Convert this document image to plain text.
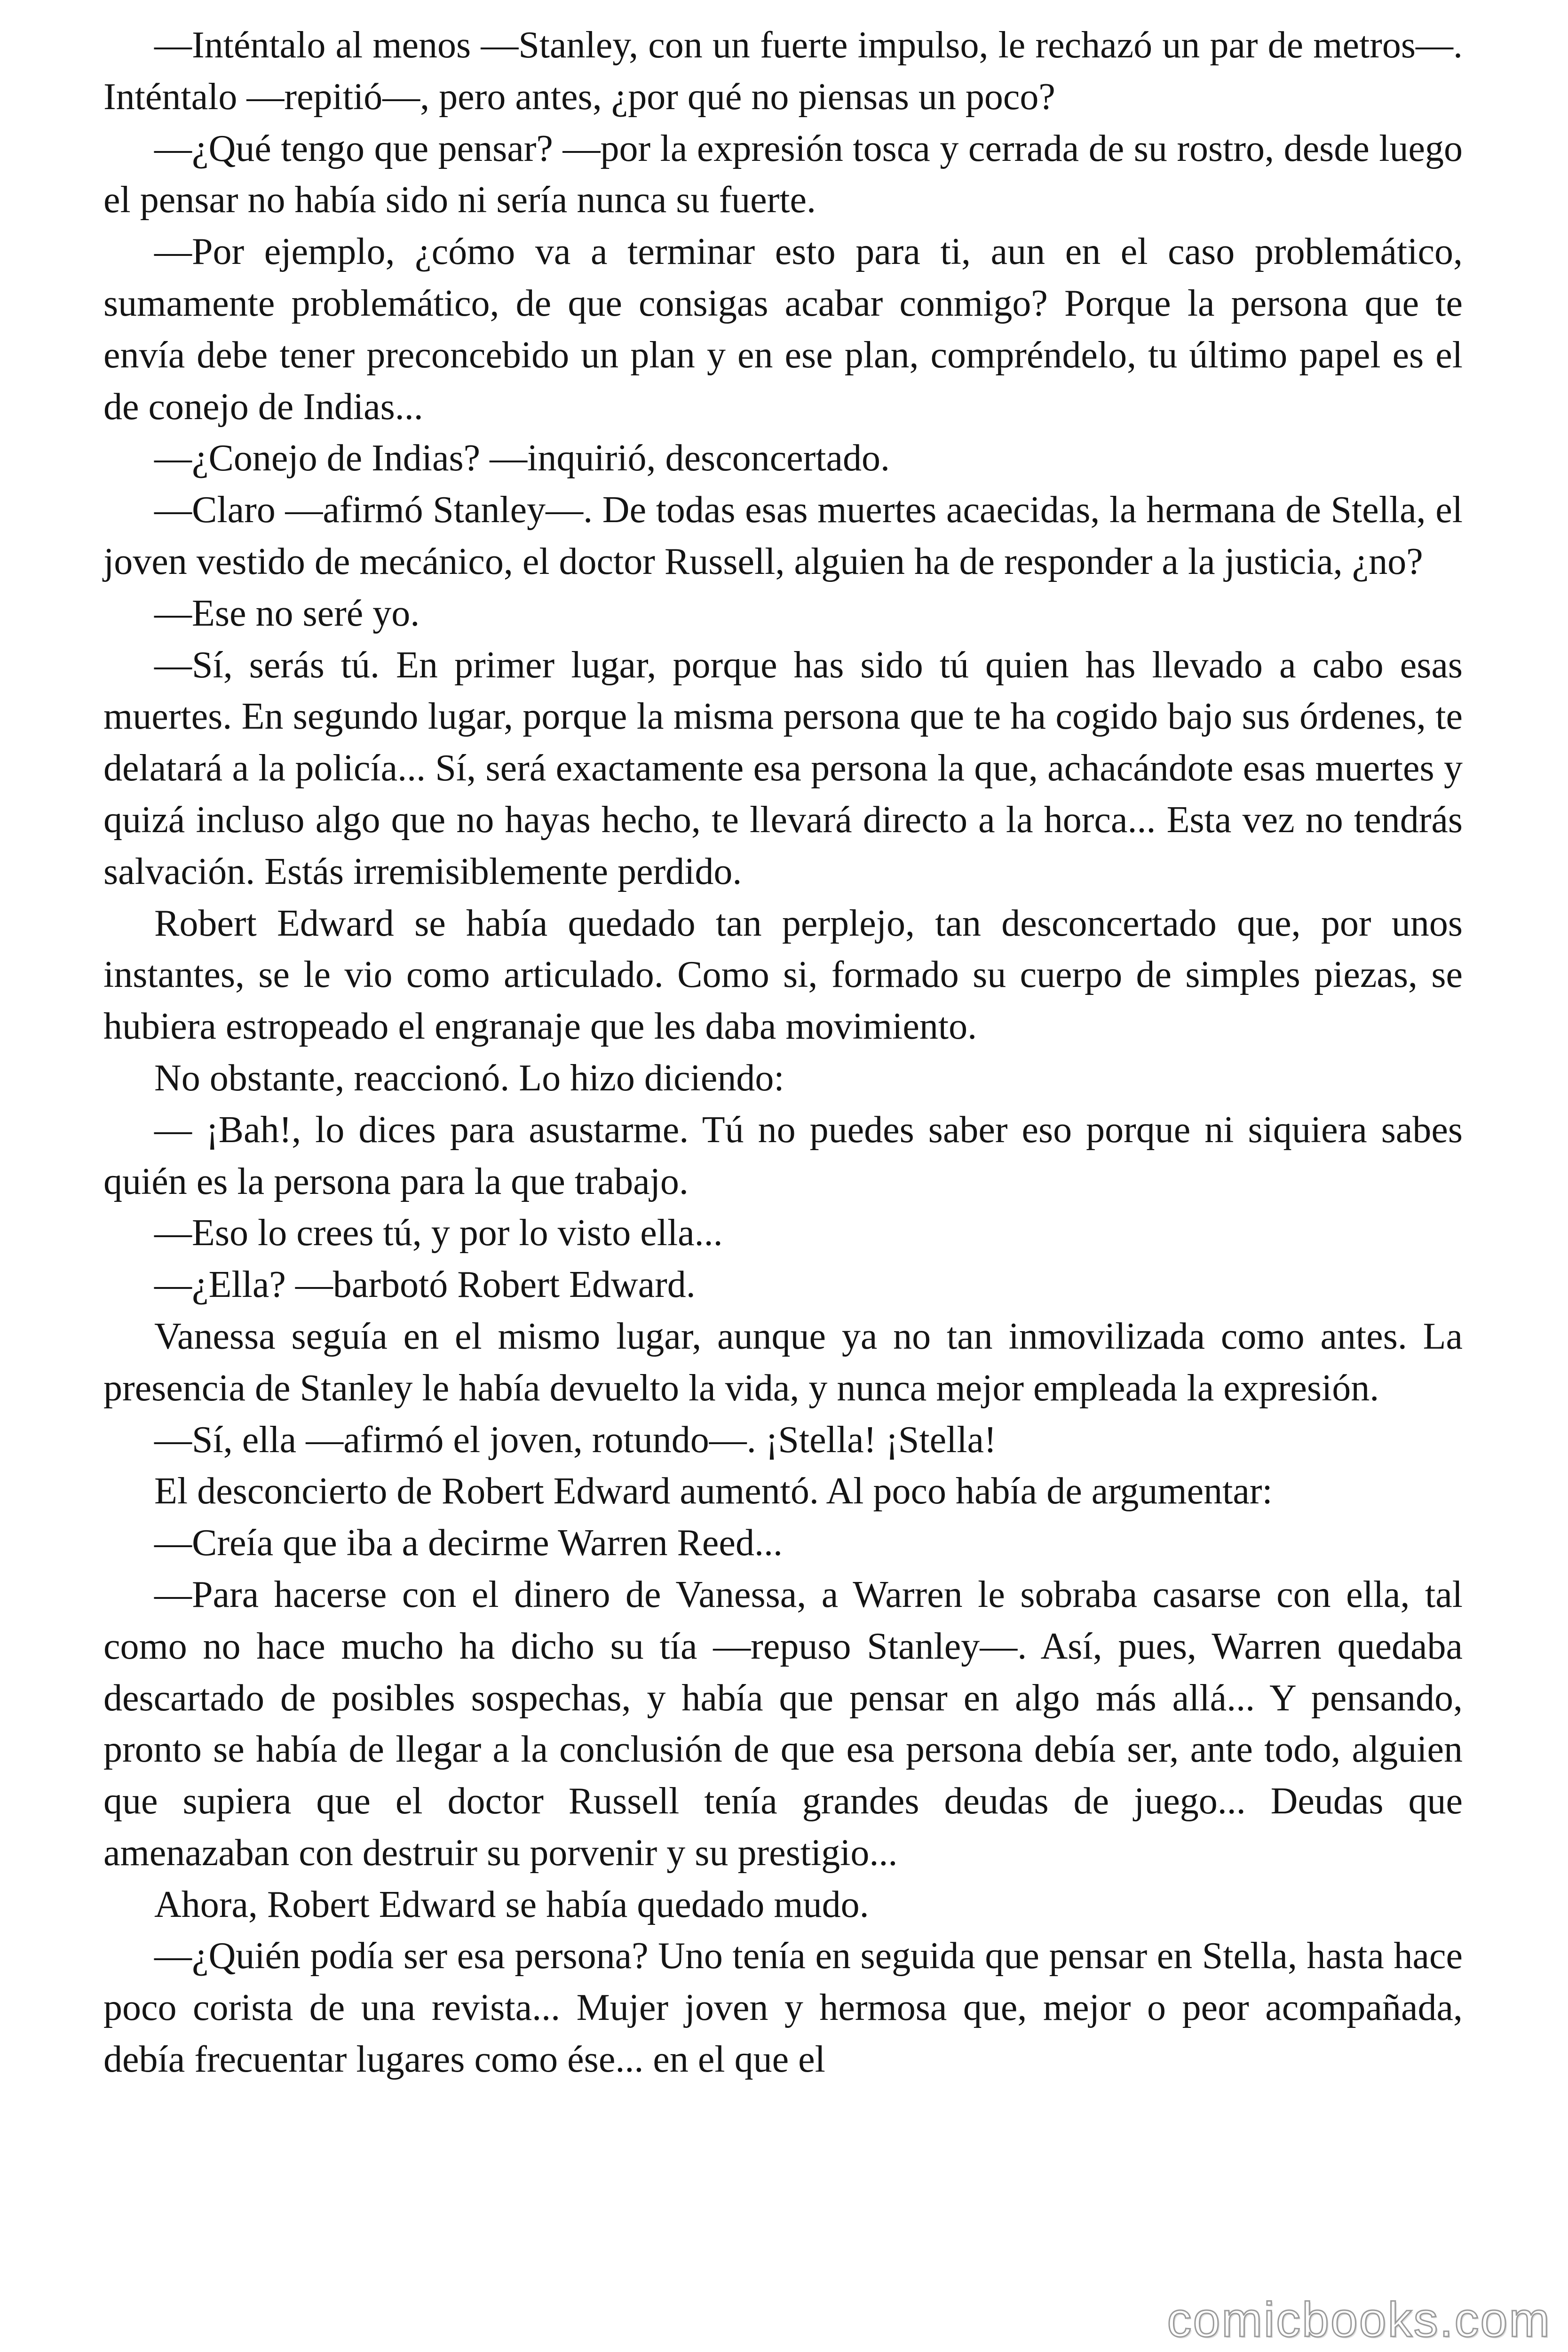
—Inténtalo al menos —Stanley, con un fuerte impulso, le rechazó un par de metros—. Inténtalo —repitió—, pero antes, ¿por qué no piensas un poco?

—¿Qué tengo que pensar? —por la expresión tosca y cerrada de su rostro, desde luego el pensar no había sido ni sería nunca su fuerte.

—Por ejemplo, ¿cómo va a terminar esto para ti, aun en el caso problemático, sumamente problemático, de que consigas acabar conmigo? Porque la persona que te envía debe tener preconcebido un plan y en ese plan, compréndelo, tu último papel es el de conejo de Indias...

—¿Conejo de Indias? —inquirió, desconcertado.

—Claro —afirmó Stanley—. De todas esas muertes acaecidas, la hermana de Stella, el joven vestido de mecánico, el doctor Russell, alguien ha de responder a la justicia, ¿no?

—Ese no seré yo.

—Sí, serás tú. En primer lugar, porque has sido tú quien has llevado a cabo esas muertes. En segundo lugar, porque la misma persona que te ha cogido bajo sus órdenes, te delatará a la policía... Sí, será exactamente esa persona la que, achacándote esas muertes y quizá incluso algo que no hayas hecho, te llevará directo a la horca... Esta vez no tendrás salvación. Estás irremisiblemente perdido.

Robert Edward se había quedado tan perplejo, tan desconcertado que, por unos instantes, se le vio como articulado. Como si, formado su cuerpo de simples piezas, se hubiera estropeado el engranaje que les daba movimiento.

No obstante, reaccionó. Lo hizo diciendo:

— ¡Bah!, lo dices para asustarme. Tú no puedes saber eso porque ni siquiera sabes quién es la persona para la que trabajo.

—Eso lo crees tú, y por lo visto ella...

—¿Ella? —barbotó Robert Edward.

Vanessa seguía en el mismo lugar, aunque ya no tan inmovilizada como antes. La presencia de Stanley le había devuelto la vida, y nunca mejor empleada la expresión.

—Sí, ella —afirmó el joven, rotundo—. ¡Stella! ¡Stella!

El desconcierto de Robert Edward aumentó. Al poco había de argumentar:

—Creía que iba a decirme Warren Reed...

—Para hacerse con el dinero de Vanessa, a Warren le sobraba casarse con ella, tal como no hace mucho ha dicho su tía —repuso Stanley—. Así, pues, Warren quedaba descartado de posibles sospechas, y había que pensar en algo más allá... Y pensando, pronto se había de llegar a la conclusión de que esa persona debía ser, ante todo, alguien que supiera que el doctor Russell tenía grandes deudas de juego... Deudas que amenazaban con destruir su porvenir y su prestigio...

Ahora, Robert Edward se había quedado mudo.

—¿Quién podía ser esa persona? Uno tenía en seguida que pensar en Stella, hasta hace poco corista de una revista... Mujer joven y hermosa que, mejor o peor acompañada, debía frecuentar lugares como ése... en el que el

comicbooks.com
